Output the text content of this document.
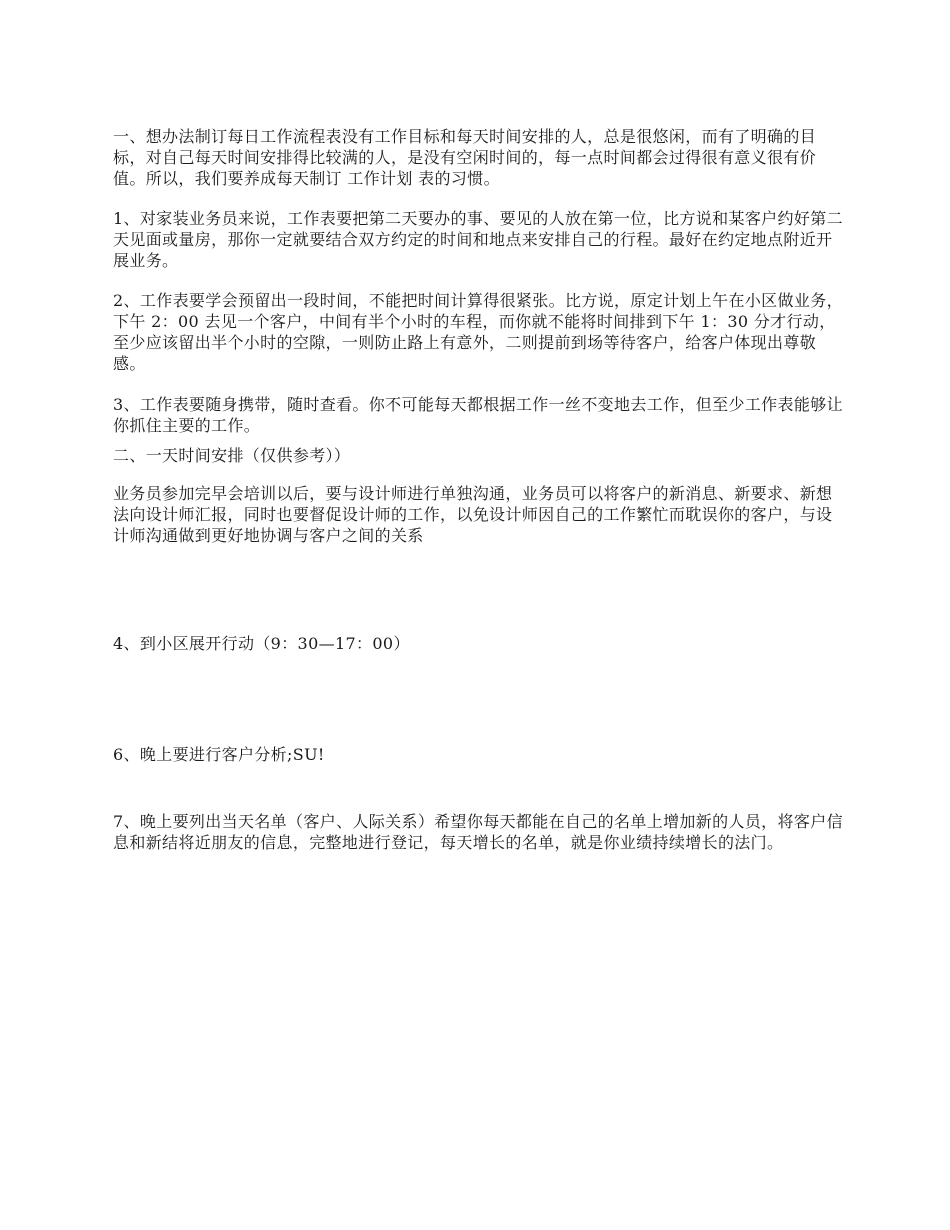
一、想办法制订每日工作流程表没有工作目标和每天时间安排的人，总是很悠闲，而有了明确的目标，对自己每天时间安排得比较满的人，是没有空闲时间的，每一点时间都会过得很有意义很有价值。所以，我们要养成每天制订 工作计划 表的习惯。

1、对家装业务员来说，工作表要把第二天要办的事、要见的人放在第一位，比方说和某客户约好第二天见面或量房，那你一定就要结合双方约定的时间和地点来安排自己的行程。最好在约定地点附近开展业务。

2、工作表要学会预留出一段时间，不能把时间计算得很紧张。比方说，原定计划上午在小区做业务，下午 2：00 去见一个客户，中间有半个小时的车程，而你就不能将时间排到下午 1：30 分才行动，至少应该留出半个小时的空隙，一则防止路上有意外，二则提前到场等待客户，给客户体现出尊敬感。

3、工作表要随身携带，随时查看。你不可能每天都根据工作一丝不变地去工作，但至少工作表能够让你抓住主要的工作。

二、一天时间安排（仅供参考））

业务员参加完早会培训以后，要与设计师进行单独沟通，业务员可以将客户的新消息、新要求、新想法向设计师汇报，同时也要督促设计师的工作，以免设计师因自己的工作繁忙而耽误你的客户，与设计师沟通做到更好地协调与客户之间的关系

4、到小区展开行动（9：30—17：00）

6、晚上要进行客户分析;SU!

7、晚上要列出当天名单（客户、人际关系）希望你每天都能在自己的名单上增加新的人员，将客户信息和新结将近朋友的信息，完整地进行登记，每天增长的名单，就是你业绩持续增长的法门。
